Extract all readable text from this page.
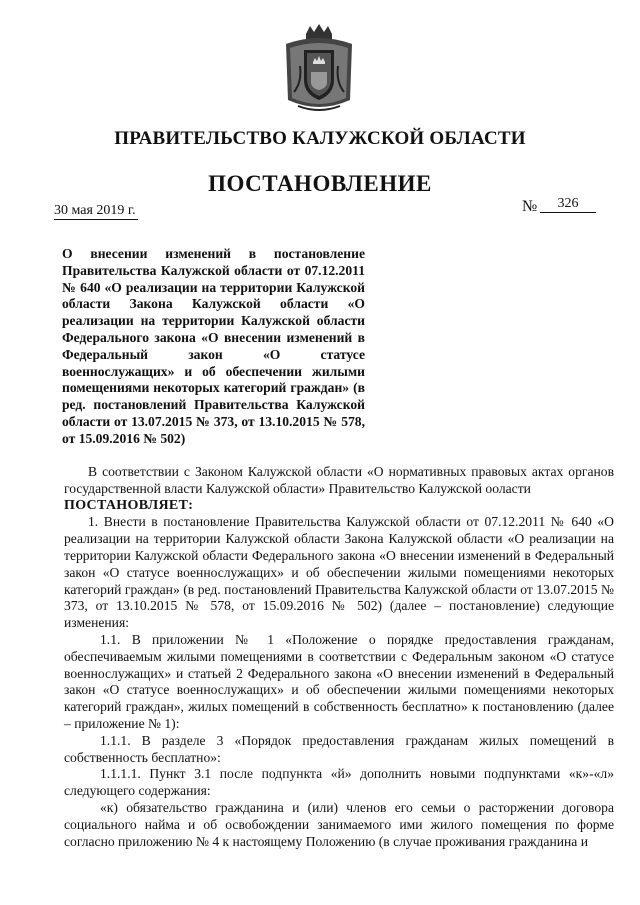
ПРАВИТЕЛЬСТВО КАЛУЖСКОЙ ОБЛАСТИ
ПОСТАНОВЛЕНИЕ
30 мая 2019 г.	№	326
О внесении изменений в постановление Правительства Калужской области от 07.12.2011 № 640 «О реализации на территории Калужской области Закона Калужской области «О реализации на территории Калужской области Федерального закона «О внесении изменений в Федеральный закон «О статусе военнослужащих» и об обеспечении жилыми помещениями некоторых категорий граждан» (в ред. постановлений Правительства Калужской области от 13.07.2015 № 373, от 13.10.2015 № 578, от 15.09.2016 № 502)

В соответствии с Законом Калужской области «О нормативных правовых актах органов государственной власти Калужской области» Правительство Калужской ооласти

ПОСТАНОВЛЯЕТ:

1. Внести в постановление Правительства Калужской области от 07.12.2011 № 640 «О реализации на территории Калужской области Закона Калужской области «О реализации на территории Калужской области Федерального закона «О внесении изменений в Федеральный закон «О статусе военнослужащих» и об обеспечении жилыми помещениями некоторых категорий граждан» (в ред. постановлений Правительства Калужской области от 13.07.2015 № 373, от 13.10.2015 № 578, от 15.09.2016 № 502) (далее – постановление) следующие изменения:

1.1. В приложении № 1 «Положение о порядке предоставления гражданам, обеспечиваемым жилыми помещениями в соответствии с Федеральным законом «О статусе военнослужащих» и статьей 2 Федерального закона «О внесении изменений в Федеральный закон «О статусе военнослужащих» и об обеспечении жилыми помещениями некоторых категорий граждан», жилых помещений в собственность бесплатно» к постановлению (далее – приложение № 1):

1.1.1. В разделе 3 «Порядок предоставления гражданам жилых помещений в собственность бесплатно»:

1.1.1.1. Пункт 3.1 после подпункта «й» дополнить новыми подпунктами «к»-«л» следующего содержания:

«к) обязательство гражданина и (или) членов его семьи о расторжении договора социального найма и об освобождении занимаемого ими жилого помещения по форме согласно приложению № 4 к настоящему Положению (в случае проживания гражданина и
